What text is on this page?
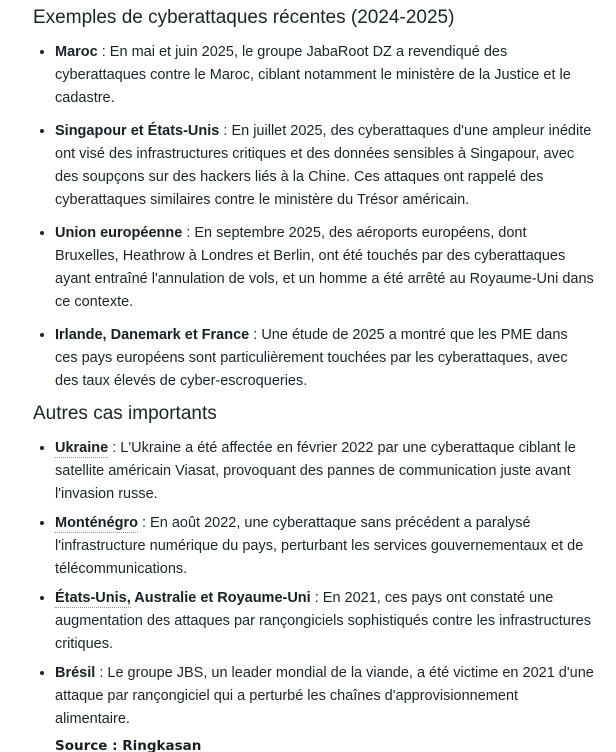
Exemples de cyberattaques récentes (2024-2025)
• Maroc : En mai et juin 2025, le groupe JabaRoot DZ a revendiqué des cyberattaques contre le Maroc, ciblant notamment le ministère de la Justice et le cadastre.
• Singapour et États-Unis : En juillet 2025, des cyberattaques d'une ampleur inédite ont visé des infrastructures critiques et des données sensibles à Singapour, avec des soupçons sur des hackers liés à la Chine. Ces attaques ont rappelé des cyberattaques similaires contre le ministère du Trésor américain.
• Union européenne : En septembre 2025, des aéroports européens, dont Bruxelles, Heathrow à Londres et Berlin, ont été touchés par des cyberattaques ayant entraîné l'annulation de vols, et un homme a été arrêté au Royaume-Uni dans ce contexte.
• Irlande, Danemark et France : Une étude de 2025 a montré que les PME dans ces pays européens sont particulièrement touchées par les cyberattaques, avec des taux élevés de cyber-escroqueries.
Autres cas importants
• Ukraine : L'Ukraine a été affectée en février 2022 par une cyberattaque ciblant le satellite américain Viasat, provoquant des pannes de communication juste avant l'invasion russe.
• Monténégro : En août 2022, une cyberattaque sans précédent a paralysé l'infrastructure numérique du pays, perturbant les services gouvernementaux et de télécommunications.
• États-Unis, Australie et Royaume-Uni : En 2021, ces pays ont constaté une augmentation des attaques par rançongiciels sophistiqués contre les infrastructures critiques.
• Brésil : Le groupe JBS, un leader mondial de la viande, a été victime en 2021 d'une attaque par rançongiciel qui a perturbé les chaînes d'approvisionnement alimentaire.

Source : Ringkasan
